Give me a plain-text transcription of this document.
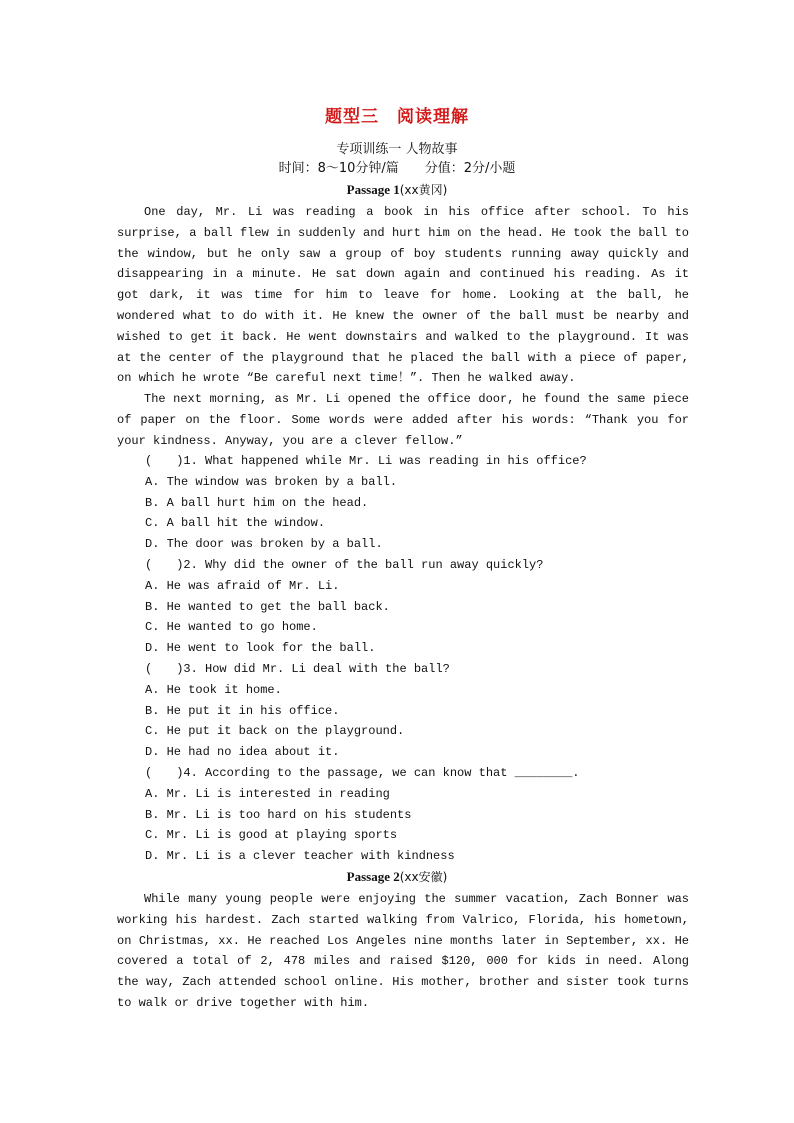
题型三　阅读理解
专项训练一 人物故事
时间：8～10分钟/篇　　分值：2分/小题
Passage 1(xx黄冈)

One day, Mr. Li was reading a book in his office after school. To his surprise, a ball flew in suddenly and hurt him on the head. He took the ball to the window, but he only saw a group of boy students running away quickly and disappearing in a minute. He sat down again and continued his reading. As it got dark, it was time for him to leave for home. Looking at the ball, he wondered what to do with it. He knew the owner of the ball must be nearby and wished to get it back. He went downstairs and walked to the playground. It was at the center of the playground that he placed the ball with a piece of paper, on which he wrote “Be careful next time！”. Then he walked away.

The next morning, as Mr. Li opened the office door, he found the same piece of paper on the floor. Some words were added after his words: “Thank you for your kindness. Anyway, you are a clever fellow.”

(　　)1. What happened while Mr. Li was reading in his office?
A. The window was broken by a ball.
B. A ball hurt him on the head.
C. A ball hit the window.
D. The door was broken by a ball.
(　　)2. Why did the owner of the ball run away quickly?
A. He was afraid of Mr. Li.
B. He wanted to get the ball back.
C. He wanted to go home.
D. He went to look for the ball.
(　　)3. How did Mr. Li deal with the ball?
A. He took it home.
B. He put it in his office.
C. He put it back on the playground.
D. He had no idea about it.
(　　)4. According to the passage, we can know that ________.
A. Mr. Li is interested in reading
B. Mr. Li is too hard on his students
C. Mr. Li is good at playing sports
D. Mr. Li is a clever teacher with kindness
Passage 2(xx安徽)

While many young people were enjoying the summer vacation, Zach Bonner was working his hardest. Zach started walking from Valrico, Florida, his hometown, on Christmas, xx. He reached Los Angeles nine months later in September, xx. He covered a total of 2, 478 miles and raised $120, 000 for kids in need. Along the way, Zach attended school online. His mother, brother and sister took turns to walk or drive together with him.
